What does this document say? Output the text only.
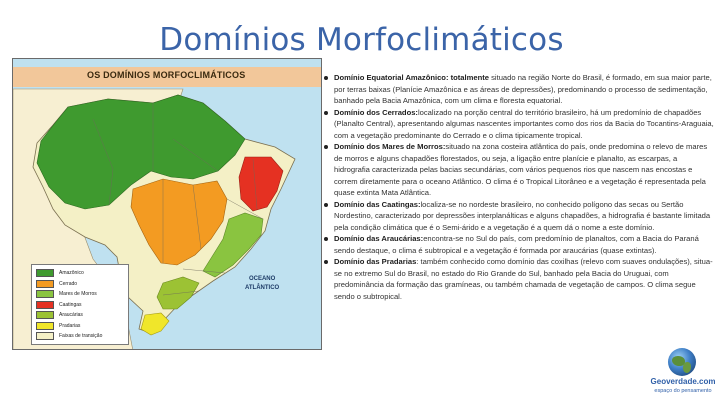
Domínios Morfoclimáticos
OS DOMÍNIOS MORFOCLIMÁTICOS
Amazônico
Cerrado
Mares de Morros
Caatingas
Araucárias
Pradarias
Faixas de transição
OCEANO
ATLÂNTICO

Domínio Equatorial Amazônico: totalmente situado na região Norte do Brasil, é formado, em sua maior parte, por terras baixas (Planície Amazônica e as áreas de depressões), predominando o processo de sedimentação, banhado pela Bacia Amazônica, com um clima e floresta equatorial.

Domínio dos Cerrados:localizado na porção central do território brasileiro, há um predomínio de chapadões (Planalto Central), apresentando algumas nascentes importantes como dos rios da Bacia do Tocantins-Araguaia, com a vegetação predominante do Cerrado e o clima tipicamente tropical.

Domínio dos Mares de Morros:situado na zona costeira atlântica do país, onde predomina o relevo de mares de morros e alguns chapadões florestados, ou seja, a ligação entre planície e planalto, as escarpas, a hidrografia caracterizada pelas bacias secundárias, com vários pequenos rios que nascem nas encostas e correm diretamente para o oceano Atlântico. O clima é o Tropical Litorâneo e a vegetação é representada pela quase extinta Mata Atlântica.

Domínio das Caatingas:localiza-se no nordeste brasileiro, no conhecido polígono das secas ou Sertão Nordestino, caracterizado por depressões interplanálticas e alguns chapadões, a hidrografia é bastante limitada pela condição climática que é o Semi-árido e a vegetação é a quem dá o nome a este domínio.

Domínio das Araucárias:encontra-se no Sul do país, com predomínio de planaltos, com a Bacia do Paraná sendo destaque, o clima é subtropical e a vegetação é formada por araucárias (quase extintas).

Domínio das Pradarias: também conhecido como domínio das coxilhas (relevo com suaves ondulações), situa-se no extremo Sul do Brasil, no estado do Rio Grande do Sul, banhado pela Bacia do Uruguai, com predominância da formação das gramíneas, ou também chamada de vegetação de campos. O clima segue sendo o subtropical.

Geoverdade.com
espaço do pensamento
